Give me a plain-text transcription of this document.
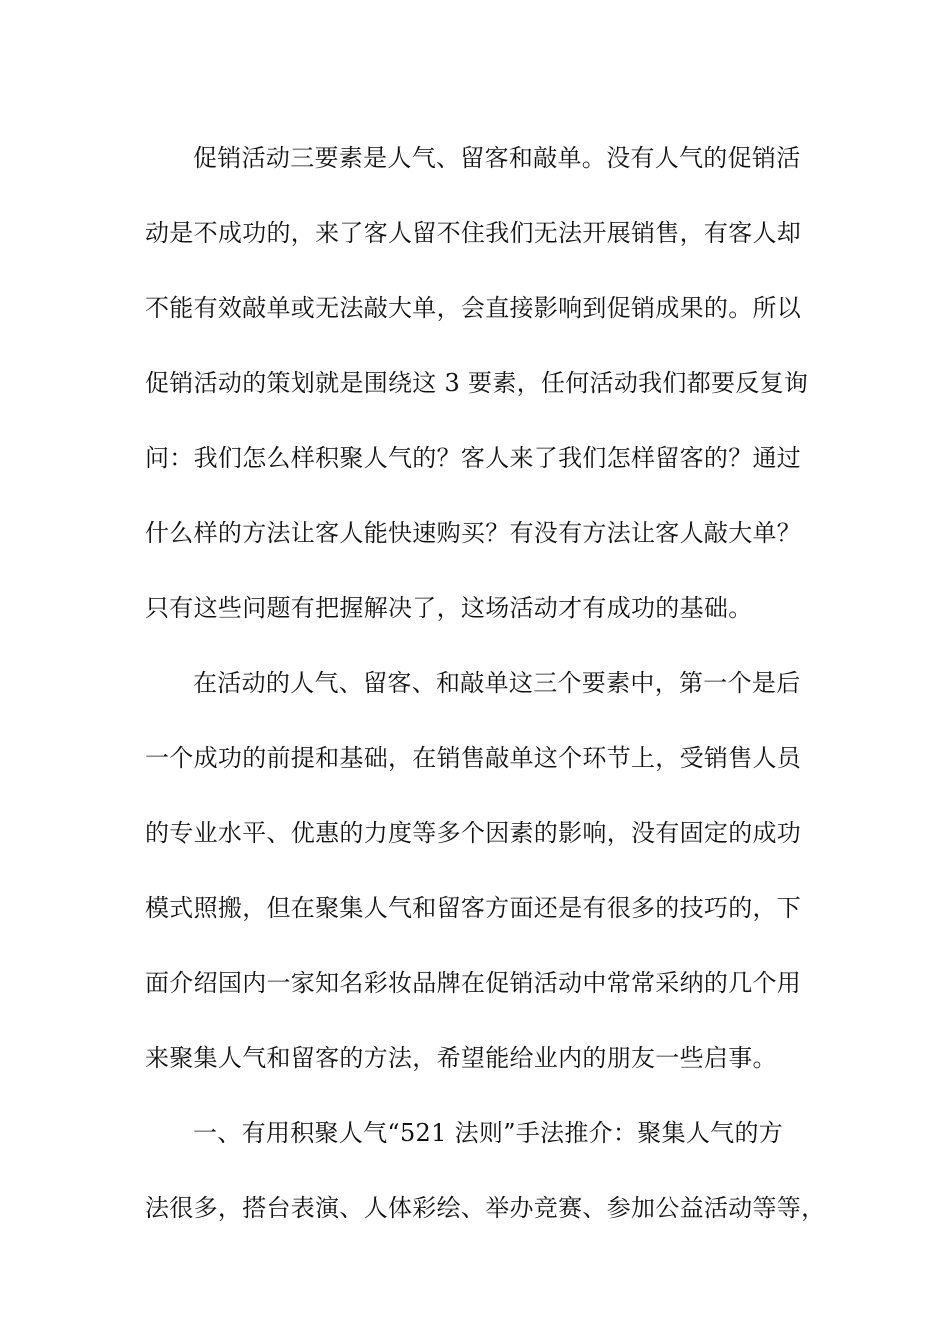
促销活动三要素是人气、留客和敲单。没有人气的促销活
动是不成功的，来了客人留不住我们无法开展销售，有客人却
不能有效敲单或无法敲大单，会直接影响到促销成果的。所以
促销活动的策划就是围绕这 3 要素，任何活动我们都要反复询
问：我们怎么样积聚人气的？客人来了我们怎样留客的？通过
什么样的方法让客人能快速购买？有没有方法让客人敲大单？
只有这些问题有把握解决了，这场活动才有成功的基础。
在活动的人气、留客、和敲单这三个要素中，第一个是后
一个成功的前提和基础，在销售敲单这个环节上，受销售人员
的专业水平、优惠的力度等多个因素的影响，没有固定的成功
模式照搬，但在聚集人气和留客方面还是有很多的技巧的，下
面介绍国内一家知名彩妆品牌在促销活动中常常采纳的几个用
来聚集人气和留客的方法，希望能给业内的朋友一些启事。
一、有用积聚人气“521 法则”手法推介：聚集人气的方
法很多，搭台表演、人体彩绘、举办竞赛、参加公益活动等等，
